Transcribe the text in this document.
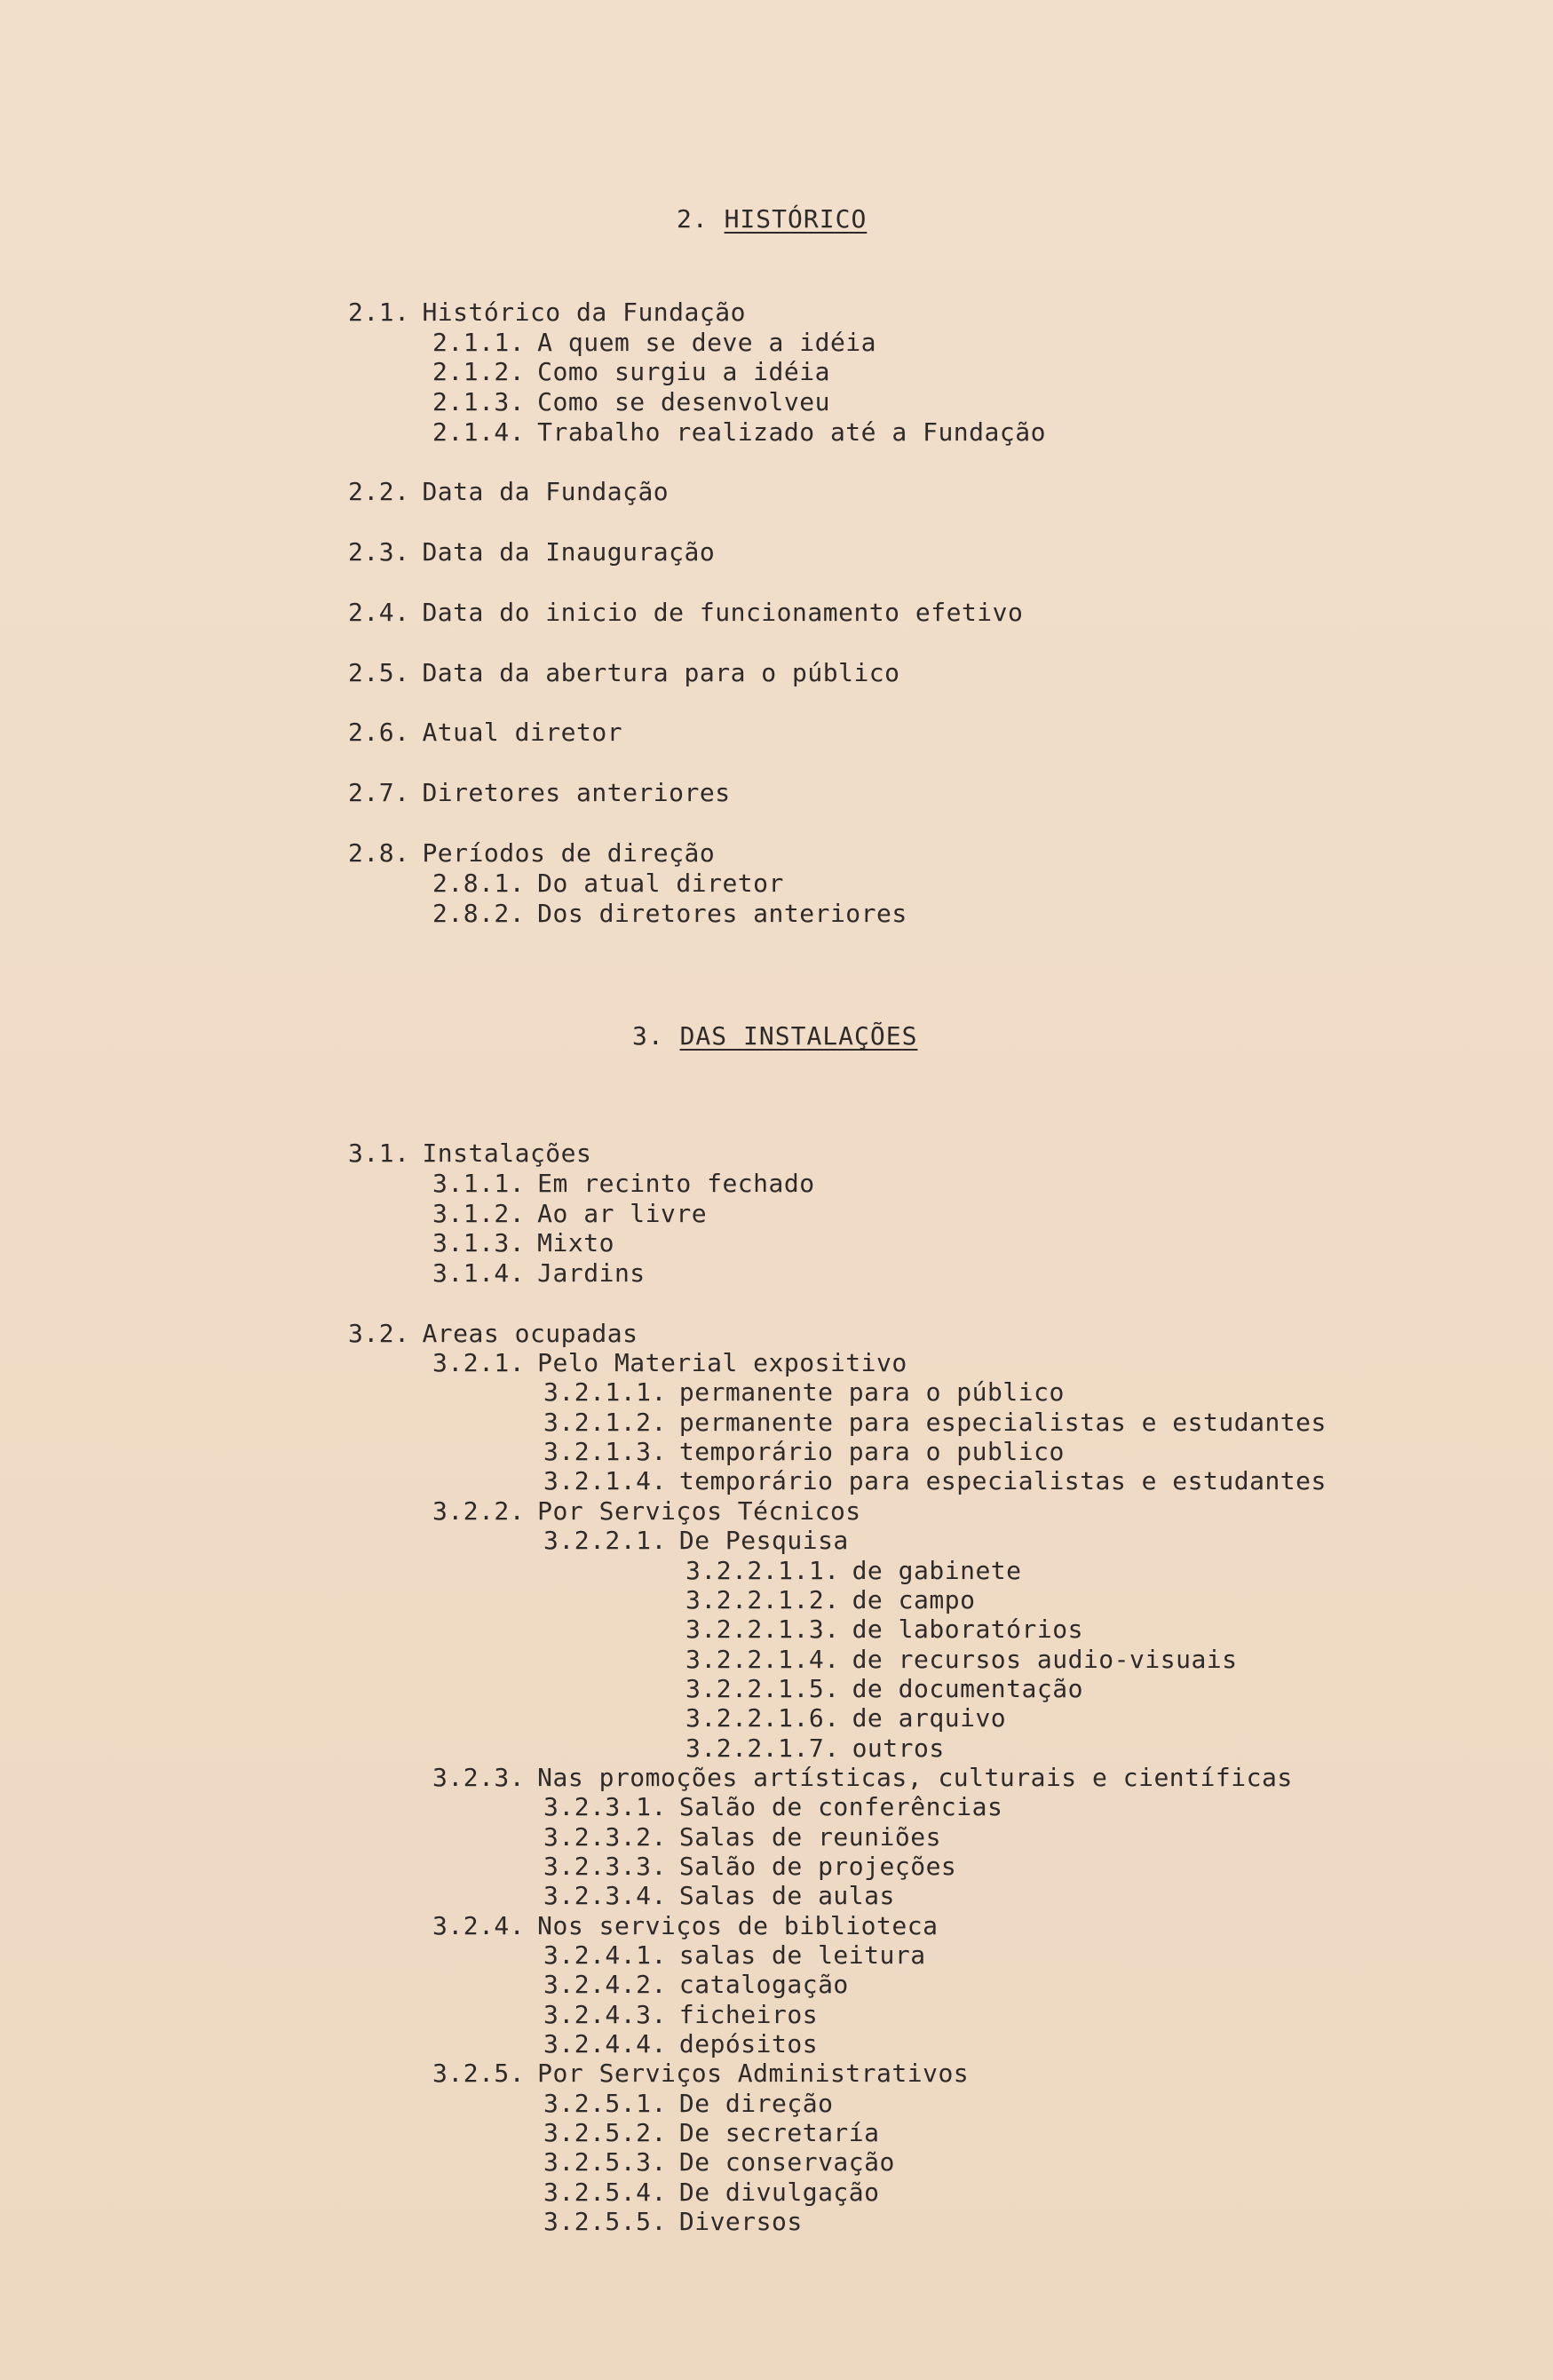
2. HISTÓRICO
2.1. Histórico da Fundação
2.1.1. A quem se deve a idéia
2.1.2. Como surgiu a idéia
2.1.3. Como se desenvolveu
2.1.4. Trabalho realizado até a Fundação
2.2. Data da Fundação
2.3. Data da Inauguração
2.4. Data do inicio de funcionamento efetivo
2.5. Data da abertura para o público
2.6. Atual diretor
2.7. Diretores anteriores
2.8. Períodos de direção
2.8.1. Do atual diretor
2.8.2. Dos diretores anteriores
3. DAS INSTALAÇÕES
3.1. Instalações
3.1.1. Em recinto fechado
3.1.2. Ao ar livre
3.1.3. Mixto
3.1.4. Jardins
3.2. Areas ocupadas
3.2.1. Pelo Material expositivo
3.2.1.1. permanente para o público
3.2.1.2. permanente para especialistas e estudantes
3.2.1.3. temporário para o publico
3.2.1.4. temporário para especialistas e estudantes
3.2.2. Por Serviços Técnicos
3.2.2.1. De Pesquisa
3.2.2.1.1. de gabinete
3.2.2.1.2. de campo
3.2.2.1.3. de laboratórios
3.2.2.1.4. de recursos audio-visuais
3.2.2.1.5. de documentação
3.2.2.1.6. de arquivo
3.2.2.1.7. outros
3.2.3. Nas promoções artísticas, culturais e científicas
3.2.3.1. Salão de conferências
3.2.3.2. Salas de reuniões
3.2.3.3. Salão de projeções
3.2.3.4. Salas de aulas
3.2.4. Nos serviços de biblioteca
3.2.4.1. salas de leitura
3.2.4.2. catalogação
3.2.4.3. ficheiros
3.2.4.4. depósitos
3.2.5. Por Serviços Administrativos
3.2.5.1. De direção
3.2.5.2. De secretaría
3.2.5.3. De conservação
3.2.5.4. De divulgação
3.2.5.5. Diversos
